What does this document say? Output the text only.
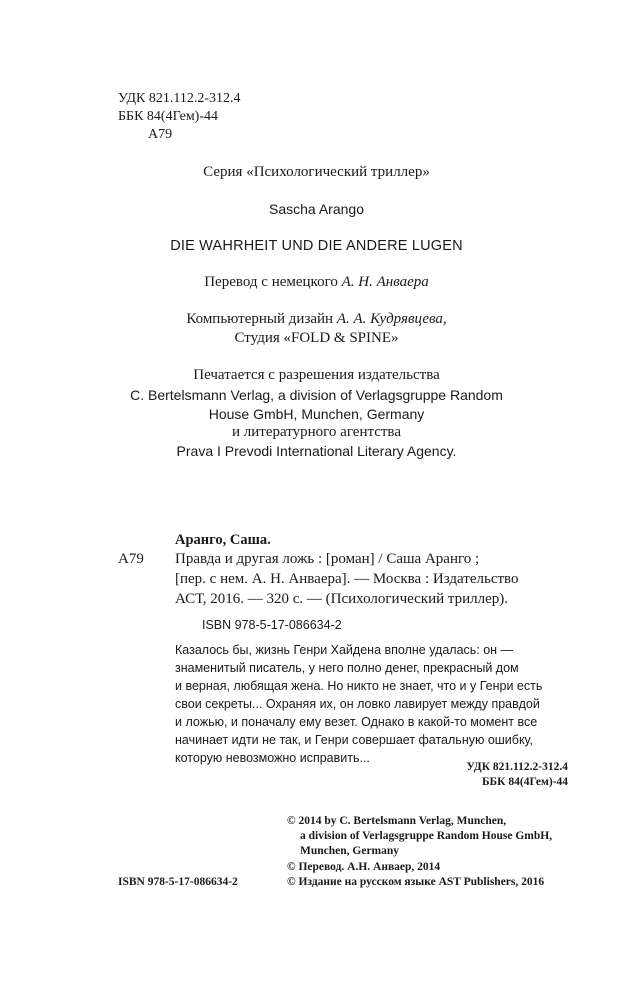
УДК 821.112.2-312.4
ББК 84(4Гем)-44
А79
Серия «Психологический триллер»
Sascha Arango
DIE WAHRHEIT UND DIE ANDERE LUGEN
Перевод с немецкого А. Н. Анваера
Компьютерный дизайн А. А. Кудрявцева,
Студия «FOLD & SPINE»
Печатается с разрешения издательства
C. Bertelsmann Verlag, a division of Verlagsgruppe Random
House GmbH, Munchen, Germany
и литературного агентства
Prava I Prevodi International Literary Agency.
Аранго, Саша.
А79 Правда и другая ложь : [роман] / Саша Аранго ;
[пер. с нем. А. Н. Анваера]. — Москва : Издательство
АСТ, 2016. — 320 с. — (Психологический триллер).
ISBN 978-5-17-086634-2
Казалось бы, жизнь Генри Хайдена вполне удалась: он —
знаменитый писатель, у него полно денег, прекрасный дом
и верная, любящая жена. Но никто не знает, что и у Генри есть
свои секреты... Охраняя их, он ловко лавирует между правдой
и ложью, и поначалу ему везет. Однако в какой-то момент все
начинает идти не так, и Генри совершает фатальную ошибку,
которую невозможно исправить...
УДК 821.112.2-312.4
ББК 84(4Гем)-44
© 2014 by C. Bertelsmann Verlag, Munchen,
a division of Verlagsgruppe Random House GmbH,
Munchen, Germany
© Перевод. А.Н. Анваер, 2014
© Издание на русском языке AST Publishers, 2016
ISBN 978-5-17-086634-2
